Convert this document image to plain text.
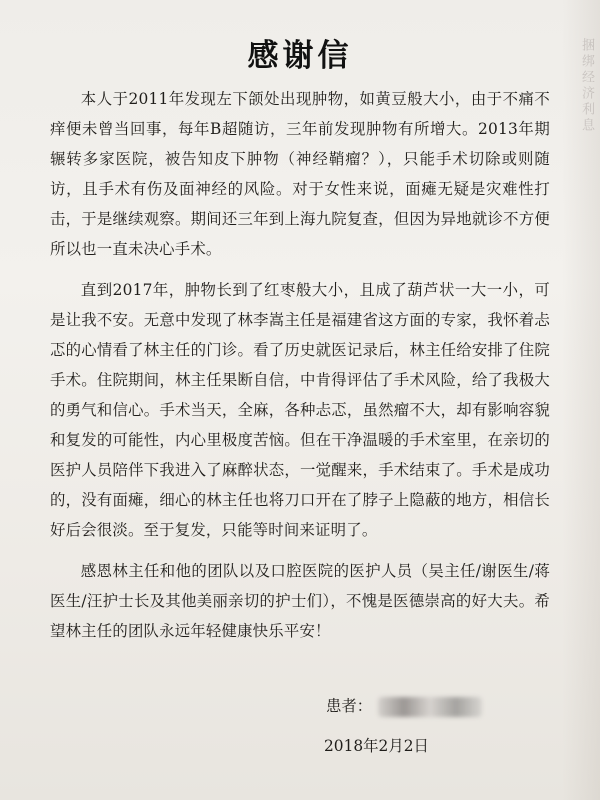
捆绑经济利息
感谢信

本人于2011年发现左下颌处出现肿物，如黄豆般大小，由于不痛不痒便未曾当回事，每年B超随访，三年前发现肿物有所增大。2013年期辗转多家医院，被告知皮下肿物（神经鞘瘤？），只能手术切除或则随访，且手术有伤及面神经的风险。对于女性来说，面瘫无疑是灾难性打击，于是继续观察。期间还三年到上海九院复查，但因为异地就诊不方便所以也一直未决心手术。

直到2017年，肿物长到了红枣般大小，且成了葫芦状一大一小，可是让我不安。无意中发现了林李嵩主任是福建省这方面的专家，我怀着忐忑的心情看了林主任的门诊。看了历史就医记录后，林主任给安排了住院手术。住院期间，林主任果断自信，中肯得评估了手术风险，给了我极大的勇气和信心。手术当天，全麻，各种忐忑，虽然瘤不大，却有影响容貌和复发的可能性，内心里极度苦恼。但在干净温暖的手术室里，在亲切的医护人员陪伴下我进入了麻醉状态，一觉醒来，手术结束了。手术是成功的，没有面瘫，细心的林主任也将刀口开在了脖子上隐蔽的地方，相信长好后会很淡。至于复发，只能等时间来证明了。

感恩林主任和他的团队以及口腔医院的医护人员（吴主任/谢医生/蒋医生/汪护士长及其他美丽亲切的护士们），不愧是医德崇高的好大夫。希望林主任的团队永远年轻健康快乐平安！

患者：
2018年2月2日
